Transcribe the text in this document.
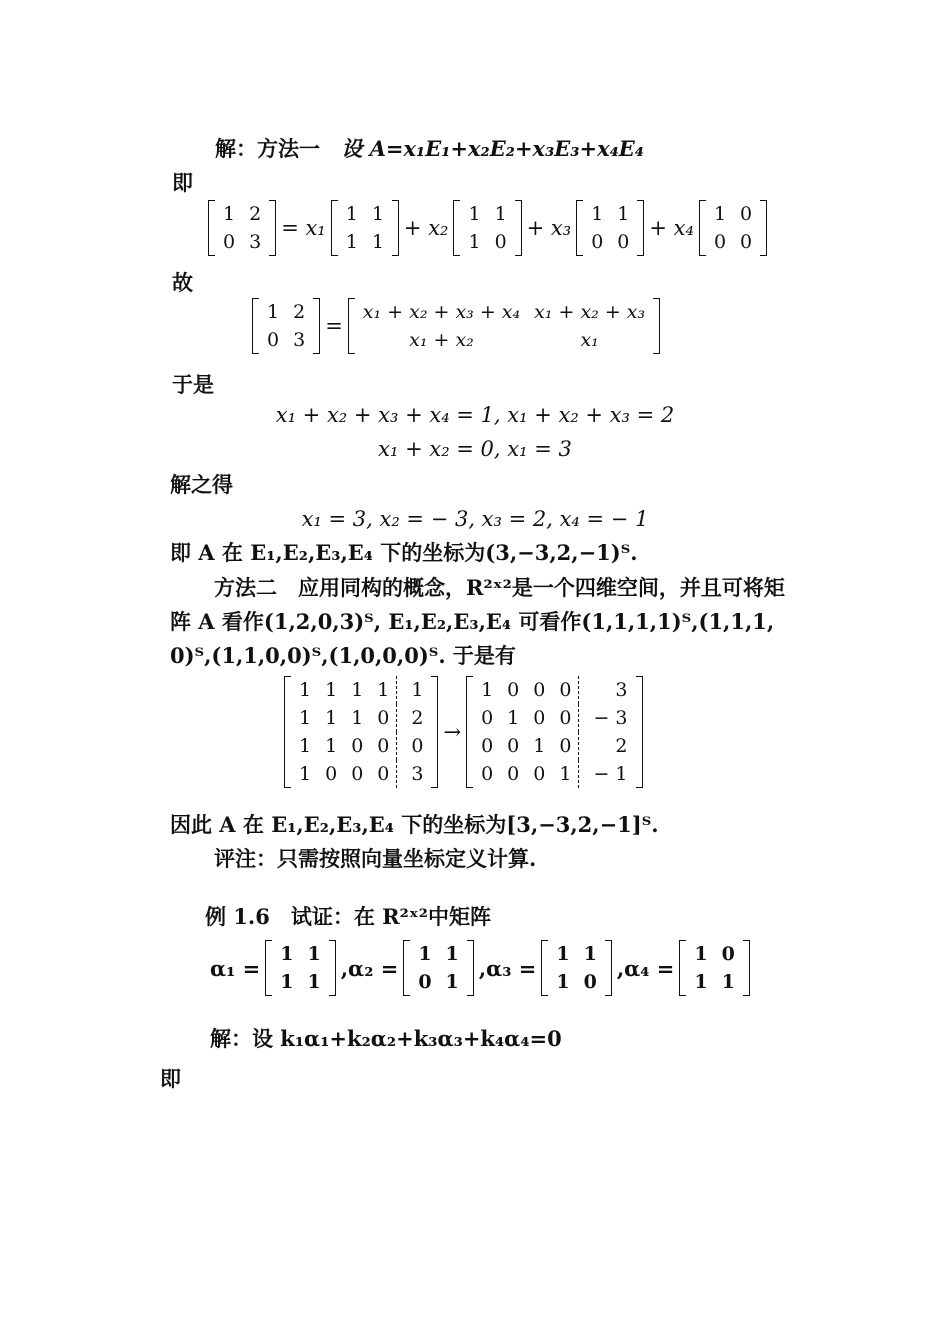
解：方法一 设 A=x₁E₁+x₂E₂+x₃E₃+x₄E₄
即
1	2
0	3
= x₁
1	1
1	1
+ x₂
1	1
1	0
+ x₃
1	1
0	0
+ x₄
1	0
0	0
故
1	2
0	3
=
x₁ + x₂ + x₃ + x₄	x₁ + x₂ + x₃
x₁ + x₂	x₁
于是
x₁ + x₂ + x₃ + x₄ = 1, x₁ + x₂ + x₃ = 2
x₁ + x₂ = 0, x₁ = 3
解之得
x₁ = 3, x₂ = − 3, x₃ = 2, x₄ = − 1
即 A 在 E₁,E₂,E₃,E₄ 下的坐标为(3,−3,2,−1)ᵀ.
方法二　应用同构的概念，R²ˣ²是一个四维空间，并且可将矩
阵 A 看作(1,2,0,3)ᵀ, E₁,E₂,E₃,E₄ 可看作(1,1,1,1)ᵀ,(1,1,1,
0)ᵀ,(1,1,0,0)ᵀ,(1,0,0,0)ᵀ. 于是有
1	1	1	1	1
1	1	1	0	2
1	1	0	0	0
1	0	0	0	3
→
1	0	0	0	3
0	1	0	0	− 3
0	0	1	0	2
0	0	0	1	− 1
因此 A 在 E₁,E₂,E₃,E₄ 下的坐标为[3,−3,2,−1]ᵀ.
评注：只需按照向量坐标定义计算.
例 1.6　试证：在 R²ˣ²中矩阵
α₁ =
1	1
1	1
,α₂ =
1	1
0	1
,α₃ =
1	1
1	0
,α₄ =
1	0
1	1
解：设 k₁α₁+k₂α₂+k₃α₃+k₄α₄=0
即
